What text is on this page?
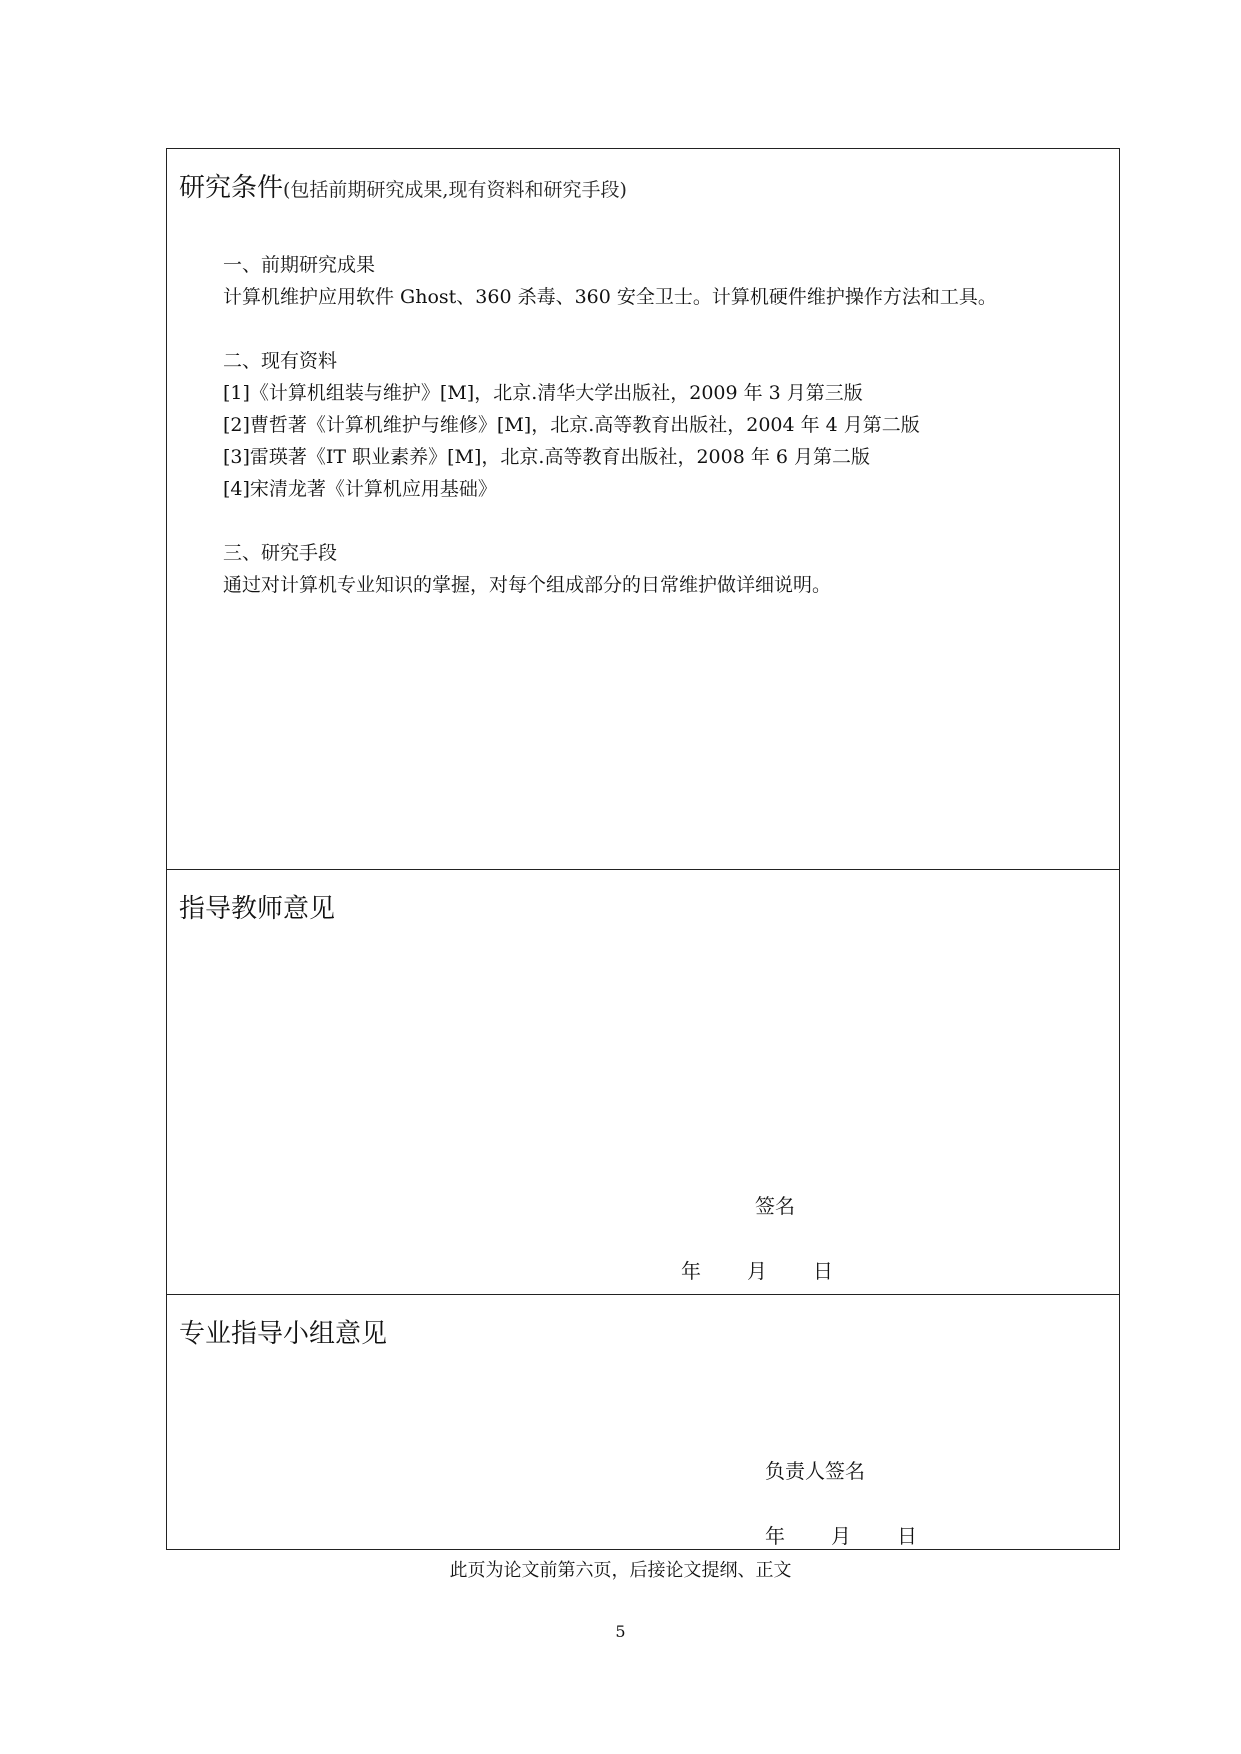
研究条件(包括前期研究成果,现有资料和研究手段)
一、前期研究成果
计算机维护应用软件 Ghost、360 杀毒、360 安全卫士。计算机硬件维护操作方法和工具。
二、现有资料
[1]《计算机组装与维护》[M]，北京.清华大学出版社，2009 年 3 月第三版
[2]曹哲著《计算机维护与维修》[M]，北京.高等教育出版社，2004 年 4 月第二版
[3]雷瑛著《IT 职业素养》[M]，北京.高等教育出版社，2008 年 6 月第二版
[4]宋清龙著《计算机应用基础》
三、研究手段
通过对计算机专业知识的掌握，对每个组成部分的日常维护做详细说明。
指导教师意见
签名
年 月 日
专业指导小组意见
负责人签名
年 月 日
此页为论文前第六页，后接论文提纲、正文
5
